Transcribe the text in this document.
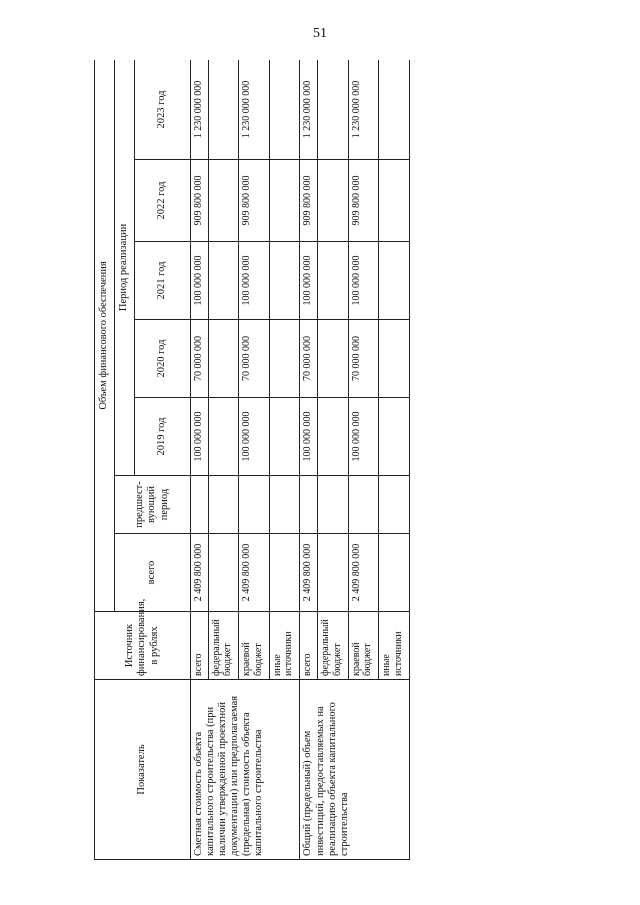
51
Показатель	Источник финансирования, в рублях	Объем финансового обеспечения						
		всего	предшест-вующий период	Период реализации				
				2019 год	2020 год	2021 год	2022 год	2023 год
Сметная стоимость объекта капитального строительства (при наличии утвержденной проектной документации) или предполагаемая (предельная) стоимость объекта капитального строительства	всего	2 409 800 000		100 000 000	70 000 000	100 000 000	909 800 000	1 230 000 000
	федеральный бюджет							
	краевой бюджет	2 409 800 000		100 000 000	70 000 000	100 000 000	909 800 000	1 230 000 000
	иные источники							
Общий (предельный) объем инвестиций, предоставляемых на реализацию объекта капитального строительства	всего	2 409 800 000		100 000 000	70 000 000	100 000 000	909 800 000	1 230 000 000
	федеральный бюджет							
	краевой бюджет	2 409 800 000		100 000 000	70 000 000	100 000 000	909 800 000	1 230 000 000
	иные источники							
